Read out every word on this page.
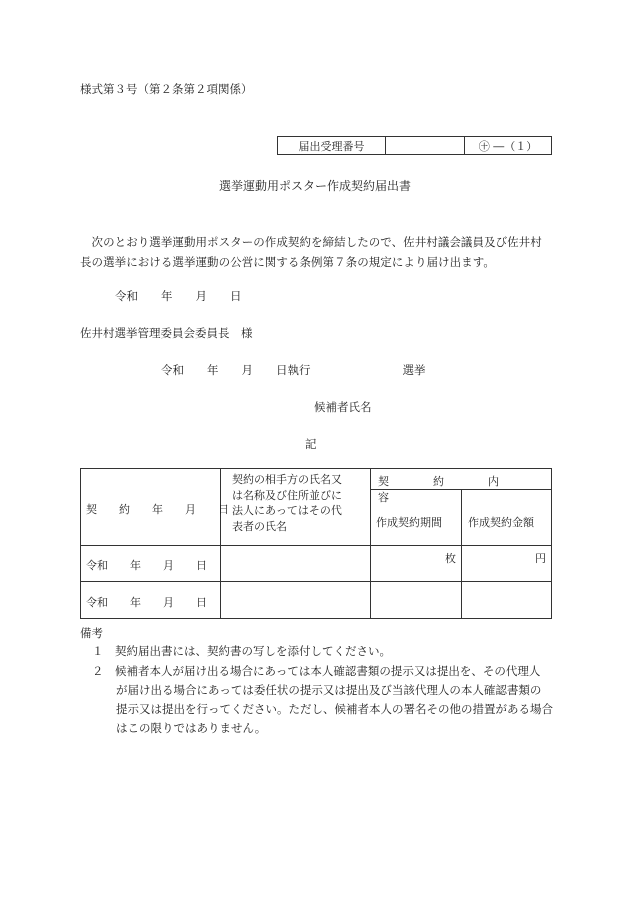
様式第３号（第２条第２項関係）
届出受理番号	㊉ ―（１）
選挙運動用ポスター作成契約届出書
　次のとおり選挙運動用ポスターの作成契約を締結したので、佐井村議会議員及び佐井村
長の選挙における選挙運動の公営に関する条例第７条の規定により届け出ます。
令和　　年　　月　　日
佐井村選挙管理委員会委員長　様
令和　　年　　月　　日執行　　　　　　　　選挙
候補者氏名
記
契　　約　　年　　月　　日
契約の相手方の氏名又
は名称及び住所並びに
法人にあってはその代
表者の氏名
契　　　　約　　　　内　　　　容
作成契約期間 作成契約金額
令和　　年　　月　　日
枚	円
令和　　年　　月　　日
備考
１　契約届出書には、契約書の写しを添付してください。
２　候補者本人が届け出る場合にあっては本人確認書類の提示又は提出を、その代理人
が届け出る場合にあっては委任状の提示又は提出及び当該代理人の本人確認書類の
提示又は提出を行ってください。ただし、候補者本人の署名その他の措置がある場合
はこの限りではありません。
